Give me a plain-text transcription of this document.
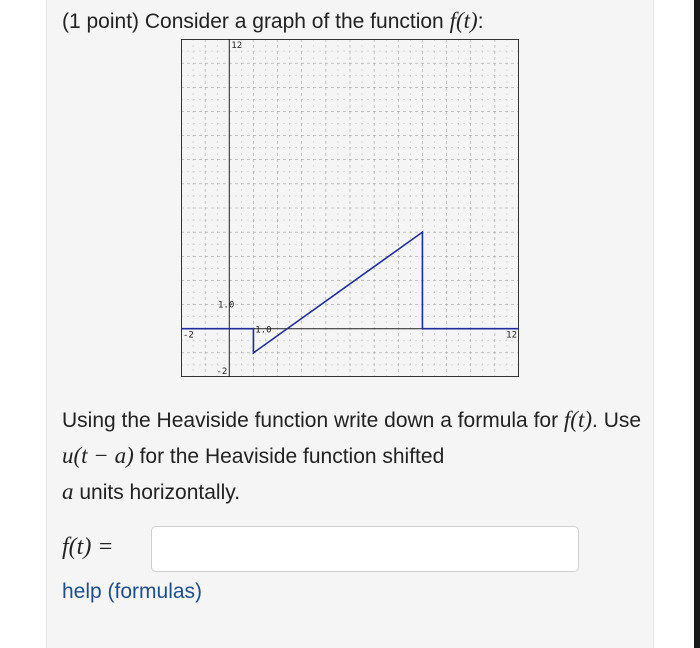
(1 point) Consider a graph of the function f(t):
12
12
-2
-2
1.0
1.0
Using the Heaviside function write down a formula for f(t). Use u(t − a) for the Heaviside function shifted
a units horizontally.
f(t) =
help (formulas)
